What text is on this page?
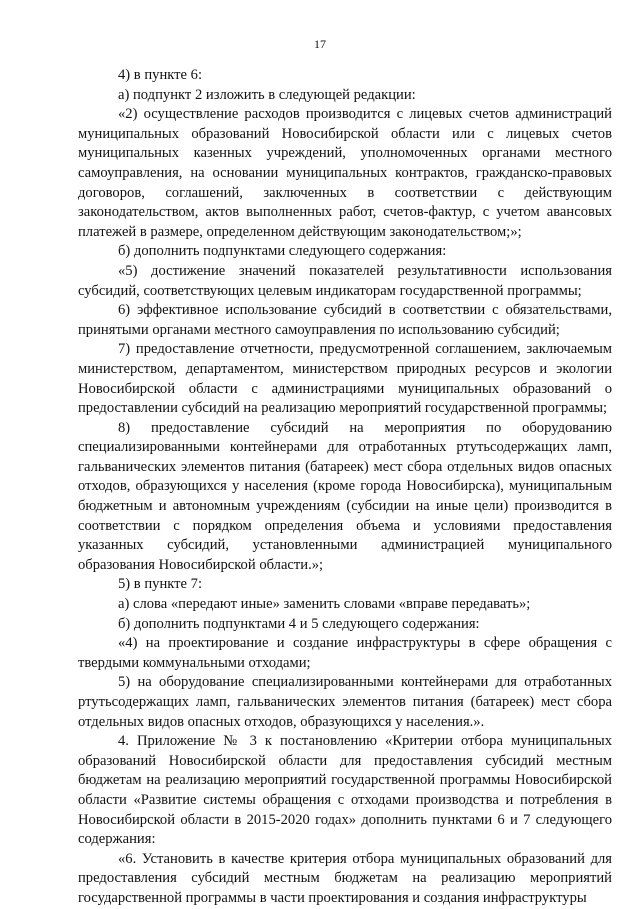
17

4) в пункте 6:

а) подпункт 2 изложить в следующей редакции:

«2) осуществление расходов производится с лицевых счетов администраций муниципальных образований Новосибирской области или с лицевых счетов муниципальных казенных учреждений, уполномоченных органами местного самоуправления, на основании муниципальных контрактов, гражданско-правовых договоров, соглашений, заключенных в соответствии с действующим законодательством, актов выполненных работ, счетов-фактур, с учетом авансовых платежей в размере, определенном действующим законодательством;»;

б) дополнить подпунктами следующего содержания:

«5) достижение значений показателей результативности использования субсидий, соответствующих целевым индикаторам государственной программы;

6) эффективное использование субсидий в соответствии с обязательствами, принятыми органами местного самоуправления по использованию субсидий;

7) предоставление отчетности, предусмотренной соглашением, заключаемым министерством, департаментом, министерством природных ресурсов и экологии Новосибирской области с администрациями муниципальных образований о предоставлении субсидий на реализацию мероприятий государственной программы;

8) предоставление субсидий на мероприятия по оборудованию специализированными контейнерами для отработанных ртутьсодержащих ламп, гальванических элементов питания (батареек) мест сбора отдельных видов опасных отходов, образующихся у населения (кроме города Новосибирска), муниципальным бюджетным и автономным учреждениям (субсидии на иные цели) производится в соответствии с порядком определения объема и условиями предоставления указанных субсидий, установленными администрацией муниципального образования Новосибирской области.»;

5) в пункте 7:

а) слова «передают иные» заменить словами «вправе передавать»;

б) дополнить подпунктами 4 и 5 следующего содержания:

«4) на проектирование и создание инфраструктуры в сфере обращения с твердыми коммунальными отходами;

5) на оборудование специализированными контейнерами для отработанных ртутьсодержащих ламп, гальванических элементов питания (батареек) мест сбора отдельных видов опасных отходов, образующихся у населения.».

4. Приложение № 3 к постановлению «Критерии отбора муниципальных образований Новосибирской области для предоставления субсидий местным бюджетам на реализацию мероприятий государственной программы Новосибирской области «Развитие системы обращения с отходами производства и потребления в Новосибирской области в 2015-2020 годах» дополнить пунктами 6 и 7 следующего содержания:

«6. Установить в качестве критерия отбора муниципальных образований для предоставления субсидий местным бюджетам на реализацию мероприятий государственной программы в части проектирования и создания инфраструктуры
